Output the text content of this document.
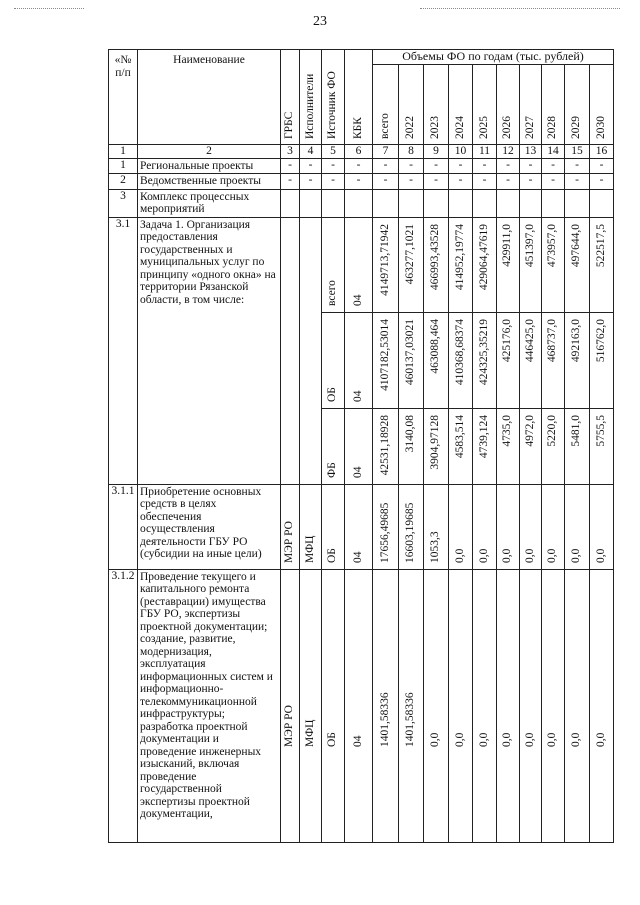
23
«№ п/п	Наименование	ГРБС	Исполнители	Источник ФО	КБК	Объемы ФО по годам (тыс. рублей)									

						всего	2022	2023	2024	2025	2026	2027	2028	2029	2030

1	2	3	4	5	6	7	8	9	10	11	12	13	14	15	16
1	Региональные проекты	-	-	-	-	-	-	-	-	-	-	-	-	-	-
2	Ведомственные проекты	-	-	-	-	-	-	-	-	-	-	-	-	-	-
3	Комплекс процессных мероприятий														
3.1	Задача 1. Организация предоставления государственных и муниципальных услуг по принципу «одного окна» на территории Рязанской области, в том числе:			всего	04	4149713,71942	463277,1021	466993,43528	414952,19774	429064,47619	429911,0	451397,0	473957,0	497644,0	522517,5

				ОБ	04	4107182,53014	460137,03021	463088,464	410368,68374	424325,35219	425176,0	446425,0	468737,0	492163,0	516762,0

				ФБ	04	42531,18928	3140,08	3904,97128	4583,514	4739,124	4735,0	4972,0	5220,0	5481,0	5755,5

3.1.1	Приобретение основных средств в целях обеспечения осуществления деятельности ГБУ РО (субсидии на иные цели)	МЭР РО	МФЦ	ОБ	04	17656,49685	16603,19685	1053,3	0,0	0,0	0,0	0,0	0,0	0,0	0,0

3.1.2	Проведение текущего и капитального ремонта (реставрации) имущества ГБУ РО, экспертизы проектной документации; создание, развитие, модернизация, эксплуатация информационных систем и информационно-телекоммуникационной инфраструктуры; разработка проектной документации и проведение инженерных изысканий, включая проведение государственной экспертизы проектной документации,	МЭР РО	МФЦ	ОБ	04	1401,58336	1401,58336	0,0	0,0	0,0	0,0	0,0	0,0	0,0	0,0
